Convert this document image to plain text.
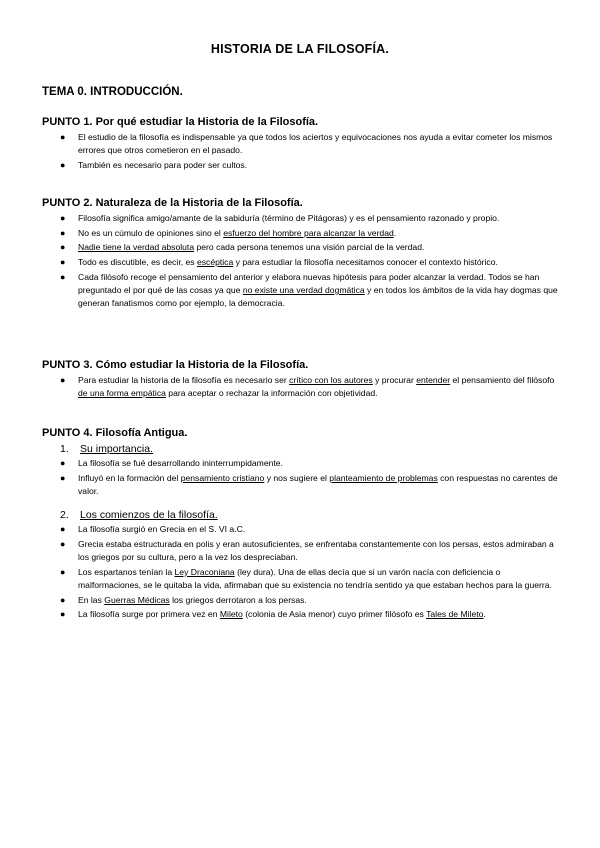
HISTORIA DE LA FILOSOFÍA.
TEMA 0. INTRODUCCIÓN.
PUNTO 1. Por qué estudiar la Historia de la Filosofía.
● El estudio de la filosofía es indispensable ya que todos los aciertos y equivocaciones nos ayuda a evitar cometer los mismos errores que otros cometieron en el pasado.
● También es necesario para poder ser cultos.
PUNTO 2. Naturaleza de la Historia de la Filosofía.
● Filosofía significa amigo/amante de la sabiduría (término de Pitágoras) y es el pensamiento razonado y propio.
● No es un cúmulo de opiniones sino el esfuerzo del hombre para alcanzar la verdad.
● Nadie tiene la verdad absoluta pero cada persona tenemos una visión parcial de la verdad.
● Todo es discutible, es decir, es escéptica y para estudiar la filosofía necesitamos conocer el contexto histórico.
● Cada filósofo recoge el pensamiento del anterior y elabora nuevas hipótesis para poder alcanzar la verdad. Todos se han preguntado el por qué de las cosas ya que no existe una verdad dogmática y en todos los ámbitos de la vida hay dogmas que generan fanatismos como por ejemplo, la democracia.
PUNTO 3. Cómo estudiar la Historia de la Filosofía.
● Para estudiar la historia de la filosofía es necesario ser crítico con los autores y procurar entender el pensamiento del filósofo de una forma empática para aceptar o rechazar la información con objetividad.
PUNTO 4. Filosofía Antigua.
1. Su importancia.
● La filosofía se fué desarrollando ininterrumpidamente.
● Influyó en la formación del pensamiento cristiano y nos sugiere el planteamiento de problemas con respuestas no carentes de valor.
2. Los comienzos de la filosofía.
● La filosofía surgió en Grecia en el S. VI a.C.
● Grecia estaba estructurada en polis y eran autosuficientes, se enfrentaba constantemente con los persas, estos admiraban a los griegos por su cultura, pero a la vez los despreciaban.
● Los espartanos tenían la Ley Draconiana (ley dura). Una de ellas decía que si un varón nacía con deficiencia o malformaciones, se le quitaba la vida, afirmaban que su existencia no tendría sentido ya que estaban hechos para la guerra.
● En las Guerras Médicas los griegos derrotaron a los persas.
● La filosofía surge por primera vez en Mileto (colonia de Asia menor) cuyo primer filósofo es Tales de Mileto.
